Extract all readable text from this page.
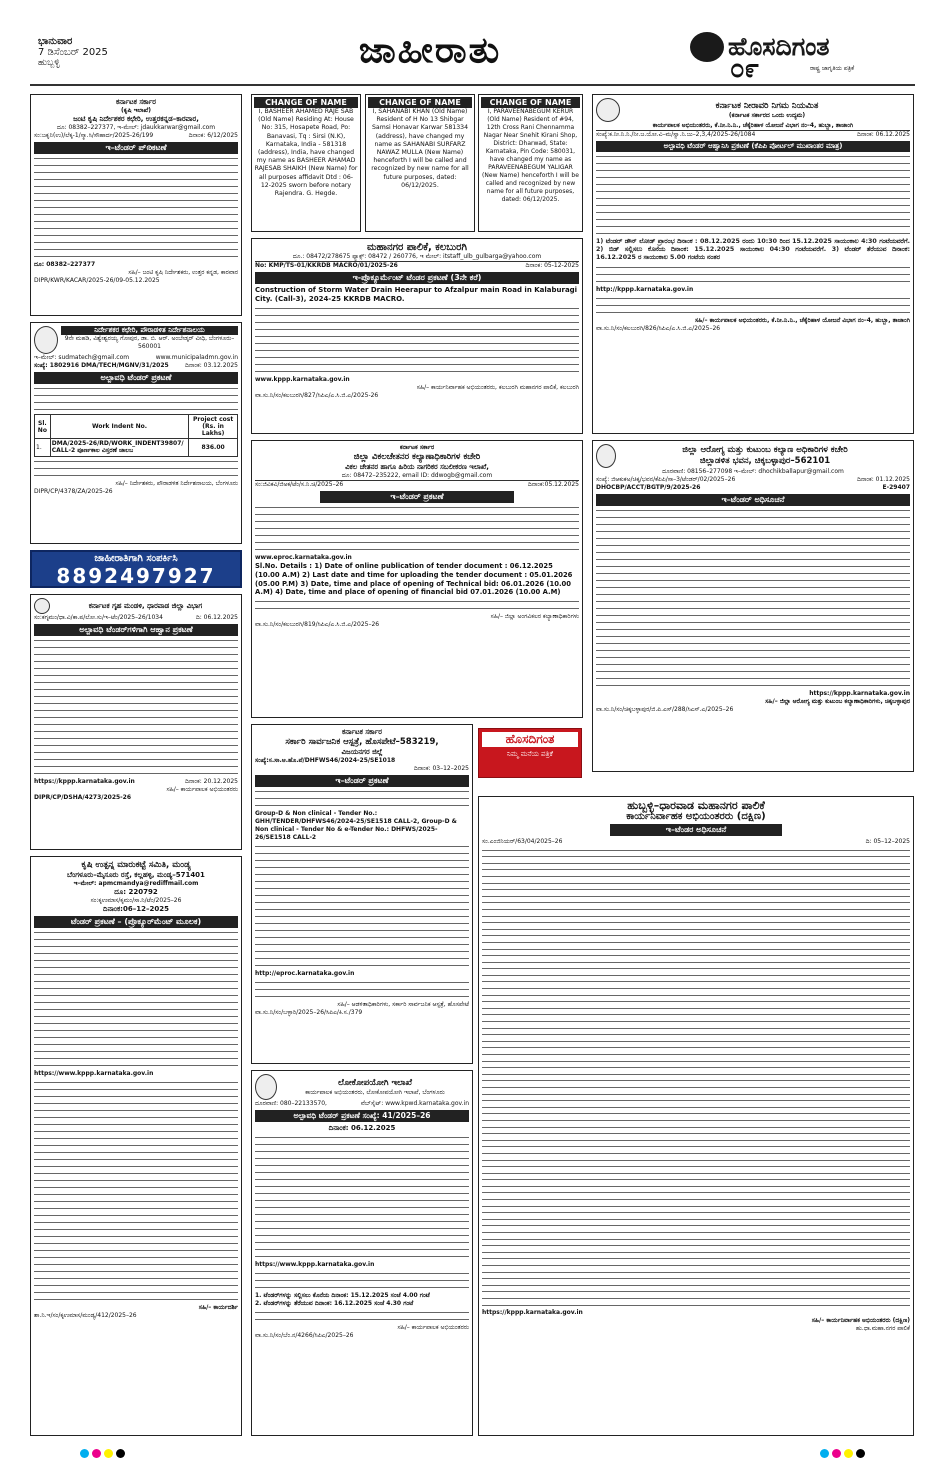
ಭಾನುವಾರ
7 ಡಿಸೆಂಬರ್ 2025
ಹುಬ್ಬಳ್ಳಿ	ಜಾಹೀರಾತು	ಹೊಸದಿಗಂತ
ರಾಷ್ಟ್ರ ಜಾಗೃತಿಯ ಪತ್ರಿಕೆ
೦೯
ಕರ್ನಾಟಕ ಸರ್ಕಾರ
(ಕೃಷಿ ಇಲಾಖೆ)
ಜಂಟಿ ಕೃಷಿ ನಿರ್ದೇಶಕರ ಕಛೇರಿ, ಉತ್ತರಕನ್ನಡ–ಕಾರವಾರ,
ದೂ: 08382–227377, ಇ-ಮೇಲ್: jdaukkarwar@gmail.com
ಸಂ:ಜಕೃನಿ(ಉ)/ಲೆಕ್ಕ-1/ಸ್ಮಾ.ಸಿ/ಸೌಹಾರ್ದ/2025-26/199	ದಿನಾಂಕ: 6/12/2025
ಇ–ಟೆಂಡರ್ ಪ್രಕಟಣೆ
ದೂ: 08382–227377
ಸಹಿ/– ಜಂಟಿ ಕೃಷಿ ನಿರ್ದೇಶಕರು, ಉತ್ತರ ಕನ್ನಡ, ಕಾರವಾರ
DIPR/KWR/KACAR/2025-26/09-05.12.2025
CHANGE OF NAME
I, BASHEER AHAMED RAJE SAB (Old Name) Residing At: House No: 315, Hosapete Road, Po: Banavasi, Tq : Sirsi (N.K), Karnataka, India - 581318 (address), India, have changed my name as BASHEER AHAMAD RAJESAB SHAIKH (New Name) for all purposes affidavit Dtd : 06-12-2025 sworn before notary Rajendra. G. Hegde.
CHANGE OF NAME
I, SAHANABI KHAN (Old Name) Resident of H No 13 Shibgar Samsi Honavar Karwar 581334 (address), have changed my name as SAHANABI SURFARZ NAWAZ MULLA (New Name) henceforth I will be called and recognized by new name for all future purposes, dated: 06/12/2025.
CHANGE OF NAME
I, PARAVEENABEGUM KERUR (Old Name) Resident of #94, 12th Cross Rani Chennamma Nagar Near Snehit Kirani Shop, District: Dharwad, State: Karnataka, Pin Code: 580031, have changed my name as PARAVEENABEGUM YALIGAR (New Name) henceforth I will be called and recognized by new name for all future purposes, dated: 06/12/2025.
ಕರ್ನಾಟಕ ನೀರಾವರಿ ನಿಗಮ ನಿಯಮಿತ
(ಕರ್ನಾಟಕ ಸರ್ಕಾರದ ಒಂದು ಉದ್ಯಮ)
ಕಾರ್ಯಪಾಲಕ ಅಭಿಯಂತರರು, ಕೆ.ನೀ.ನಿ.ನಿ., ಚೆಕ್ಕೆರಿಹಾಳ ಯೋಜನೆ ವಿಭಾಗ ನಂ–4, ಹುಬ್ಬಾ, ತಾಜಾಂಗಿ
ಸಂಖ್ಯೆ:ಕ.ನೀ.ನಿ.ನಿ./ನೀ.ಜ.ಯೋ.ವಿ–ಮ/ಸ್ವಾ.ನಿ.ಜು–2,3,4/2025-26/1084	ದಿನಾಂಕ: 06.12.2025
ಅಲ್ಪಾವಧಿ ಟೆಂಡರ್ ಆಹ್ವಾನಿಸಿ ಪ್ರಕಟಣೆ (ಕೆಪಿಪಿ ಪೋರ್ಟಲ್ ಮುಖಾಂತರ ಮಾತ್ರ)
1) ಟೆಂಡರ್ ಡೌನ್ ಲೋಡ್ ಪ್ರಾರಂಭ ದಿನಾಂಕ : 08.12.2025 ರಂದು 10:30 ರಿಂದ 15.12.2025 ಸಾಯಂಕಾಲ 4:30 ಗಂಟೆಯವರೆಗೆ. 2) ಬಿಡ್ ಸಲ್ಲಿಸಲು ಕೊನೆಯ ದಿನಾಂಕ: 15.12.2025 ಸಾಯಂಕಾಲ 04:30 ಗಂಟೆಯವರೆಗೆ. 3) ಟೆಂಡರ್ ತೆರೆಯುವ ದಿನಾಂಕ: 16.12.2025 ರ ಸಾಯಂಕಾಲ 5.00 ಗಂಟೆಯ ನಂತರ
http://kppp.karnataka.gov.in
ಸಹಿ/– ಕಾರ್ಯಪಾಲಕ ಅಭಿಯಂತರರು, ಕೆ.ನೀ.ನಿ.ನಿ., ಚೆಕ್ಕೆರಿಹಾಳ ಯೋಜನೆ ವಿಭಾಗ ನಂ–4, ಹುಬ್ಬಾ, ತಾಜಾಂಗಿ
ವಾ.ಸು.ನಿ/ಸಂ/ಕಲಬುರಗಿ/826/ಸಿಪಿಎ/ಎ.ಸಿ.ಜಿ.ಎ/2025–26
ಮಹಾನಗರ ಪಾಲಿಕೆ, ಕಲಬುರಗಿ
ದೂ.: 08472/278675 ಫ್ಯಾಕ್ಸ್: 08472 / 260776, ಇ ಮೇಲ್: itstaff_ulb_gulbarga@yahoo.com
No: KMP/TS-01/KKRDB MACRO/01/2025-26	ದಿನಾಂಕ: 05-12-2025
ಇ-ಪ್ರೊಕ್ಯೂರ್ಮೆಂಟ್ ಟೆಂಡರ ಪ್ರಕಟಣೆ (3ನೇ ಕರೆ)
Construction of Storm Water Drain Heerapur to Afzalpur main Road in Kalaburagi City. (Call-3), 2024-25 KKRDB MACRO.
www.kppp.karnataka.gov.in
ಸಹಿ/– ಕಾರ್ಯನಿರ್ವಾಹಕ ಅಭಿಯಂತರರು, ಕಲಬುರಗಿ ಮಹಾನಗರ ಪಾಲಿಕೆ, ಕಲಬುರಗಿ
ವಾ.ಸು.ನಿ/ಸಂ/ಕಲಬುರಗಿ/827/ಸಿಪಿಎ/ಎ.ಸಿ.ಜಿ.ಎ/2025-26
ನಿರ್ದೇಶಕರ ಕಛೇರಿ, ಪೌರಾಡಳಿತ ನಿರ್ದೇಶನಾಲಯ
9ನೇ ಮಹಡಿ, ವಿಶ್ವೇಶ್ವರಯ್ಯ ಗೋಪುರ, ಡಾ. ಬಿ. ಆರ್. ಅಂಬೇಡ್ಕರ್ ವೀಧಿ, ಬೆಂಗಳೂರು–560001
ಇ–ಮೇಲ್: sudmatech@gmail.com	www.municipaladmn.gov.in
ಸಂಖ್ಯೆ: 1802916 DMA/TECH/MGNV/31/2025	ದಿನಾಂಕ: 03.12.2025
ಅಲ್ಪಾವಧಿ ಟೆಂಡರ್ ಪ್ರಕಟಣೆ
Sl. No	Work Indent No.	Project cost (Rs. in Lakhs)
1.	DMA/2025-26/RD/WORK_INDENT39807/ CALL-2 ಪೂರ್ಣಕಾಲ ವಿಸ್ತರಣೆ ಜಾಲಬ	836.00
ಸಹಿ/– ನಿರ್ದೇಶಕರು, ಪೌರಾಡಳಿತ ನಿರ್ದೇಶನಾಲಯ, ಬೆಂಗಳೂರು
DIPR/CP/4378/ZA/2025-26
ಜಾಹೀರಾತಿಗಾಗಿ ಸಂಪರ್ಕಿಸಿ
8892497927
ಕರ್ನಾಟಕ ಗೃಹ ಮಂಡಳಿ, ಧಾರವಾಡ ಜಿಲ್ಲಾ ವಿಭಾಗ
ಸಂ:ಕಗೃಮಂ/ಧಾ.ವಿ/ಕಾ.ಪ/ಲೋ.ಸು/ಇ–ಟೆಂ/2025–26/1034	ದಿ: 06.12.2025
ಅಲ್ಪಾವಧಿ ಟೆಂಡರ್‌ಗಳಿಗಾಗಿ ಆಹ್ವಾನ ಪ್ರಕಟಣೆ
https://kppp.karnataka.gov.in	ದಿನಾಂಕ: 20.12.2025
ಸಹಿ/– ಕಾರ್ಯಪಾಲಕ ಅಭಿಯಂತರರು
DIPR/CP/DSHA/4273/2025-26
ಕರ್ನಾಟಕ ಸರ್ಕಾರ
ಜಿಲ್ಲಾ ವಿಕಲಚೇತನರ ಕಲ್ಯಾಣಾಧಿಕಾರಿಗಳ ಕಚೇರಿ
ವಿಕಲ ಚೇತನರ ಹಾಗೂ ಹಿರಿಯ ನಾಗರಿಕರ ಸಬಲೀಕರಣ ಇಲಾಖೆ,
ದೂ: 08472–235222, email ID: ddwogb@gmail.com
ಸಂ:ಜಿವಿಕವಿ/ಜಿಅಕ/ಟೆಂ/ಸ.ನಿ.ಚಿ/2025–26	ದಿನಾಂಕ:05.12.2025
ಇ–ಟೆಂಡರ್ ಪ್ರಕಟಣೆ
www.eproc.karnataka.gov.in
Sl.No. Details : 1) Date of online publication of tender document : 06.12.2025 (10.00 A.M) 2) Last date and time for uploading the tender document : 05.01.2026 (05.00 P.M) 3) Date, time and place of opening of Technical bid: 06.01.2026 (10.00 A.M) 4) Date, time and place of opening of financial bid 07.01.2026 (10.00 A.M)
ಸಹಿ/– ಜಿಲ್ಲಾ ಅಂಗವಿಕಲರ ಕಲ್ಯಾಣಾಧಿಕಾರಿಗಳು
ವಾ.ಸು.ನಿ/ಸಂ/ಕಲಬುರಗಿ/819/ಸಿಪಿಎ/ಎ.ಸಿ.ಜಿ.ಎ/2025–26
ಜಿಲ್ಲಾ ಆರೋಗ್ಯ ಮತ್ತು ಕುಟುಂಬ ಕಲ್ಯಾಣ ಅಧಿಕಾರಿಗಳ ಕಚೇರಿ
ಜಿಲ್ಲಾಡಳಿತ ಭವನ, ಚಿಕ್ಕಬಳ್ಳಾಪುರ–562101
ದೂರವಾಣಿ: 08156–277098 ಇ–ಮೇಲ್: dhochikballapur@gmail.com
ಸಂಖ್ಯೆ: ಜಿಆಕುಕಅ/ಚಿಕ್ಕ/ಭವನ/ಕೆಪಿಪಿ/ಸಾ–3/ಟೆಂಡರ್/02/2025–26	ದಿನಾಂಕ: 01.12.2025
DHOCBP/ACCT/BGTP/9/2025-26	E-29407
ಇ–ಟೆಂಡರ್ ಅಧಿಸೂಚನೆ
https://kppp.karnataka.gov.in
ಸಹಿ/– ಜಿಲ್ಲಾ ಆರೋಗ್ಯ ಮತ್ತು ಕುಟುಂಬ ಕಲ್ಯಾಣಾಧಿಕಾರಿಗಳು, ಚಿಕ್ಕಬಳ್ಳಾಪುರ
ವಾ.ಸು.ನಿ/ಸಂ/ಚಿಕ್ಕಬಳ್ಳಾಪುರ/ಜಿ.ಪಿ.ಎಸ್/288/ಸಿಎಸ್.ಎ/2025–26
ಕೃಷಿ ಉತ್ಪನ್ನ ಮಾರುಕಟ್ಟೆ ಸಮಿತಿ, ಮಂಡ್ಯ
ಬೆಂಗಳೂರು–ಮೈಸೂರು ರಸ್ತೆ, ಕಲ್ಲಹಳ್ಳಿ, ಮಂಡ್ಯ–571401
ಇ–ಮೇಲ್: apmcmandya@rediffmail.com
ದೂ: 220792
ಸಂ:ಕೃಉಮಾಸ/ಕೃಮಂ/ಸಾ.ನಿ/ಟೆಂ/2025–26
ದಿನಾಂಕ:06–12–2025
ಟೆಂಡರ್ ಪ್ರಕಟಣೆ – (ಪ್ರೊಕ್ಯೂರ್‌ಮೆಂಟ್ ಮೂಲಕ)
https://www.kppp.karnataka.gov.in
ಸಹಿ/– ಕಾರ್ಯದರ್ಶಿ
ಶಾ.ನಿ.ಇ/ಸಂ/ಕೃಉಮಾಸ/ಮಂಡ್ಯ/412/2025–26
ಕರ್ನಾಟಕ ಸರ್ಕಾರ
ಸರ್ಕಾರಿ ಸಾರ್ವಜನಿಕ ಆಸ್ಪತ್ರೆ, ಹೊಸಪೇಟೆ–583219,
ವಿಜಯನಗರ ಜಿಲ್ಲೆ
ಸಂಖ್ಯೆ:ಸ.ಸಾ.ಆ.ಹೊ.ಪೆ/DHFWS46/2024-25/SE1018
ದಿನಾಂಕ: 03–12–2025
ಇ–ಟೆಂಡರ್ ಪ್ರಕಟಣೆ
Group-D & Non clinical - Tender No.: GHH/TENDER/DHFWS46/2024-25/SE1518 CALL-2, Group-D & Non clinical - Tender No & e-Tender No.: DHFWS/2025-26/SE1518 CALL-2
http://eproc.karnataka.gov.in
ಸಹಿ/– ಆಡಳಿತಾಧಿಕಾರಿಗಳು, ಸರ್ಕಾರಿ ಸಾರ್ವಜನಿಕ ಆಸ್ಪತ್ರೆ, ಹೊಸಪೇಟೆ
ವಾ.ಸು.ನಿ/ಸಂ/ಬಳ್ಳಾರಿ/2025–26/ಸಿಪಿಎ/ಕಿ.ಸ./379
ಹೊಸದಿಗಂತ
ನಿಮ್ಮ ಮನೆಯ ಪತ್ರಿಕೆ
ಲೋಕೋಪಯೋಗಿ ಇಲಾಖೆ
ಕಾರ್ಯಪಾಲಕ ಅಭಿಯಂತರರು, ಲೋಕೋಪಯೋಗಿ ಇಲಾಖೆ, ಬೆಂಗಳೂರು
ದೂರವಾಣಿ: 080–22133570,	ವೆಬ್‌ಸೈಟ್: www.kpwd.karnataka.gov.in
ಅಲ್ಪಾವಧಿ ಟೆಂಡರ್ ಪ್ರಕಟಣೆ ಸಂಖ್ಯೆ: 41/2025–26
ದಿನಾಂಕ: 06.12.2025
https://www.kppp.karnataka.gov.in
1. ಟೆಂಡರ್‌ಗಳನ್ನು ಸಲ್ಲಿಸಲು ಕೊನೆಯ ದಿನಾಂಕ: 15.12.2025 ಸಂಜೆ 4.00 ಗಂಟೆ
2. ಟೆಂಡರ್‌ಗಳನ್ನು ತೆರೆಯುವ ದಿನಾಂಕ: 16.12.2025 ಸಂಜೆ 4.30 ಗಂಟೆ
ಸಹಿ/– ಕಾರ್ಯಪಾಲಕ ಅಭಿಯಂತರರು
ವಾ.ಸು.ನಿ/ಸಂ/ಬೆಂ.ನ/4266/ಸಿಪಿಎ/2025–26
ಹುಬ್ಬಳ್ಳಿ–ಧಾರವಾಡ ಮಹಾನಗರ ಪಾಲಿಕೆ
ಕಾರ್ಯನಿರ್ವಾಹಕ ಅಭಿಯಂತರರು (ದಕ್ಷಿಣ)
ಇ–ಟೆಂಡರ ಅಧಿಸೂಚನೆ
ಸಂ.ಎಂಜಿನಿಯರ್/63/04/2025–26	ದಿ: 05–12–2025
https://kppp.karnataka.gov.in
ಸಹಿ/– ಕಾರ್ಯನಿರ್ವಾಹಕ ಅಭಿಯಂತರರು (ದಕ್ಷಿಣ)
ಹು.ಧಾ.ಮಹಾ.ನಗರ ಪಾಲಿಕೆ
